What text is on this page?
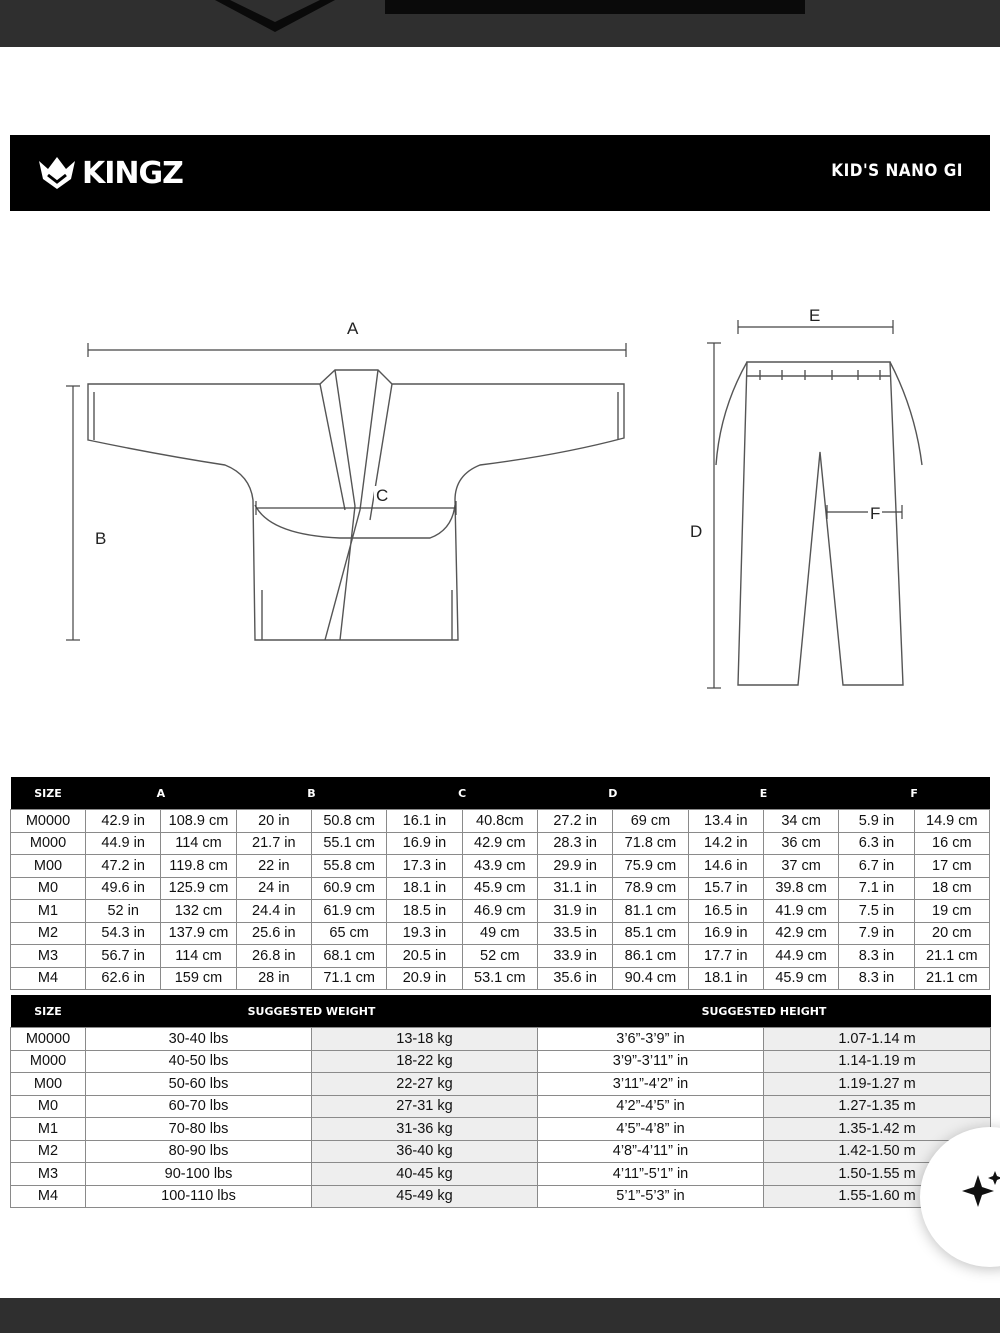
KINGZ	KID'S NANO GI
A
B
C
D
E
F
SIZE	A		B		C		D		E		F	
M0000	42.9 in	108.9 cm	20 in	50.8 cm	16.1 in	40.8cm	27.2 in	69 cm	13.4 in	34 cm	5.9 in	14.9 cm
M000	44.9 in	114 cm	21.7 in	55.1 cm	16.9 in	42.9 cm	28.3 in	71.8 cm	14.2 in	36 cm	6.3 in	16 cm
M00	47.2 in	119.8 cm	22 in	55.8 cm	17.3 in	43.9 cm	29.9 in	75.9 cm	14.6 in	37 cm	6.7 in	17 cm
M0	49.6 in	125.9 cm	24 in	60.9 cm	18.1 in	45.9 cm	31.1 in	78.9 cm	15.7 in	39.8 cm	7.1 in	18 cm
M1	52 in	132 cm	24.4 in	61.9 cm	18.5 in	46.9 cm	31.9 in	81.1 cm	16.5 in	41.9 cm	7.5 in	19 cm
M2	54.3 in	137.9 cm	25.6 in	65 cm	19.3 in	49 cm	33.5 in	85.1 cm	16.9 in	42.9 cm	7.9 in	20 cm
M3	56.7 in	114 cm	26.8 in	68.1 cm	20.5 in	52 cm	33.9 in	86.1 cm	17.7 in	44.9 cm	8.3 in	21.1 cm
M4	62.6 in	159 cm	28 in	71.1 cm	20.9 in	53.1 cm	35.6 in	90.4 cm	18.1 in	45.9 cm	8.3 in	21.1 cm
SIZE	SUGGESTED WEIGHT		SUGGESTED HEIGHT	
M0000	30-40 lbs	13-18 kg	3’6”-3’9” in	1.07-1.14 m
M000	40-50 lbs	18-22 kg	3’9”-3’11” in	1.14-1.19 m
M00	50-60 lbs	22-27 kg	3’11”-4’2” in	1.19-1.27 m
M0	60-70 lbs	27-31 kg	4’2”-4’5” in	1.27-1.35 m
M1	70-80 lbs	31-36 kg	4’5”-4’8” in	1.35-1.42 m
M2	80-90 lbs	36-40 kg	4’8”-4’11” in	1.42-1.50 m
M3	90-100 lbs	40-45 kg	4’11”-5’1” in	1.50-1.55 m
M4	100-110 lbs	45-49 kg	5’1”-5’3” in	1.55-1.60 m
